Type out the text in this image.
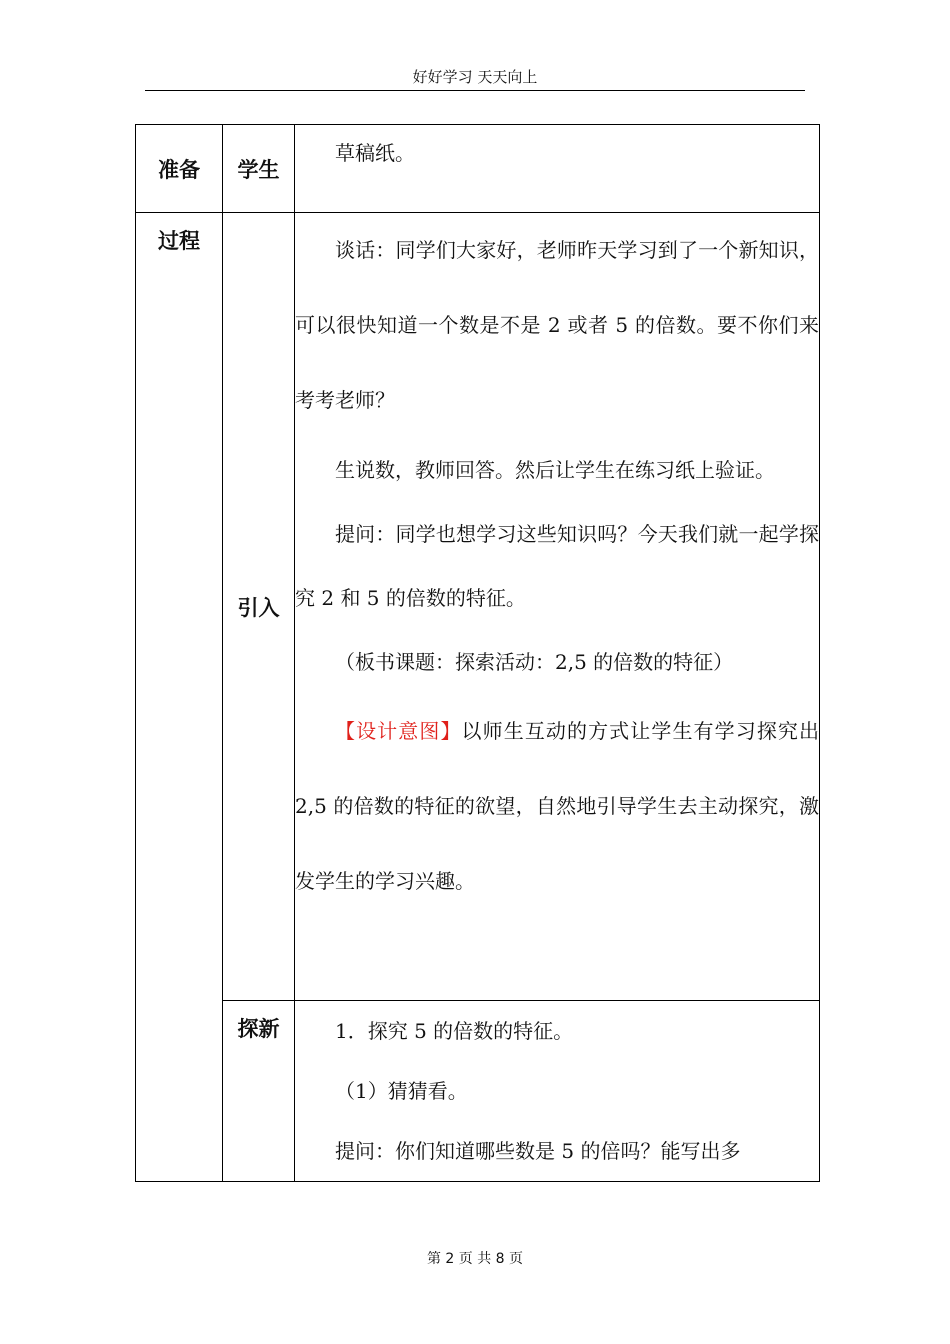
好好学习 天天向上
准备	学生	草稿纸。

过程	引入	谈话：同学们大家好，老师昨天学习到了一个新知识，可以很快知道一个数是不是 2 或者 5 的倍数。要不你们来考考老师？

生说数，教师回答。然后让学生在练习纸上验证。

提问：同学也想学习这些知识吗？今天我们就一起学探究 2 和 5 的倍数的特征。

（板书课题：探索活动：2,5 的倍数的特征）

【设计意图】以师生互动的方式让学生有学习探究出 2,5 的倍数的特征的欲望，自然地引导学生去主动探究，激发学生的学习兴趣。

	探新	1．探究 5 的倍数的特征。

（1）猜猜看。

提问：你们知道哪些数是 5 的倍吗？能写出多

第 2 页 共 8 页
